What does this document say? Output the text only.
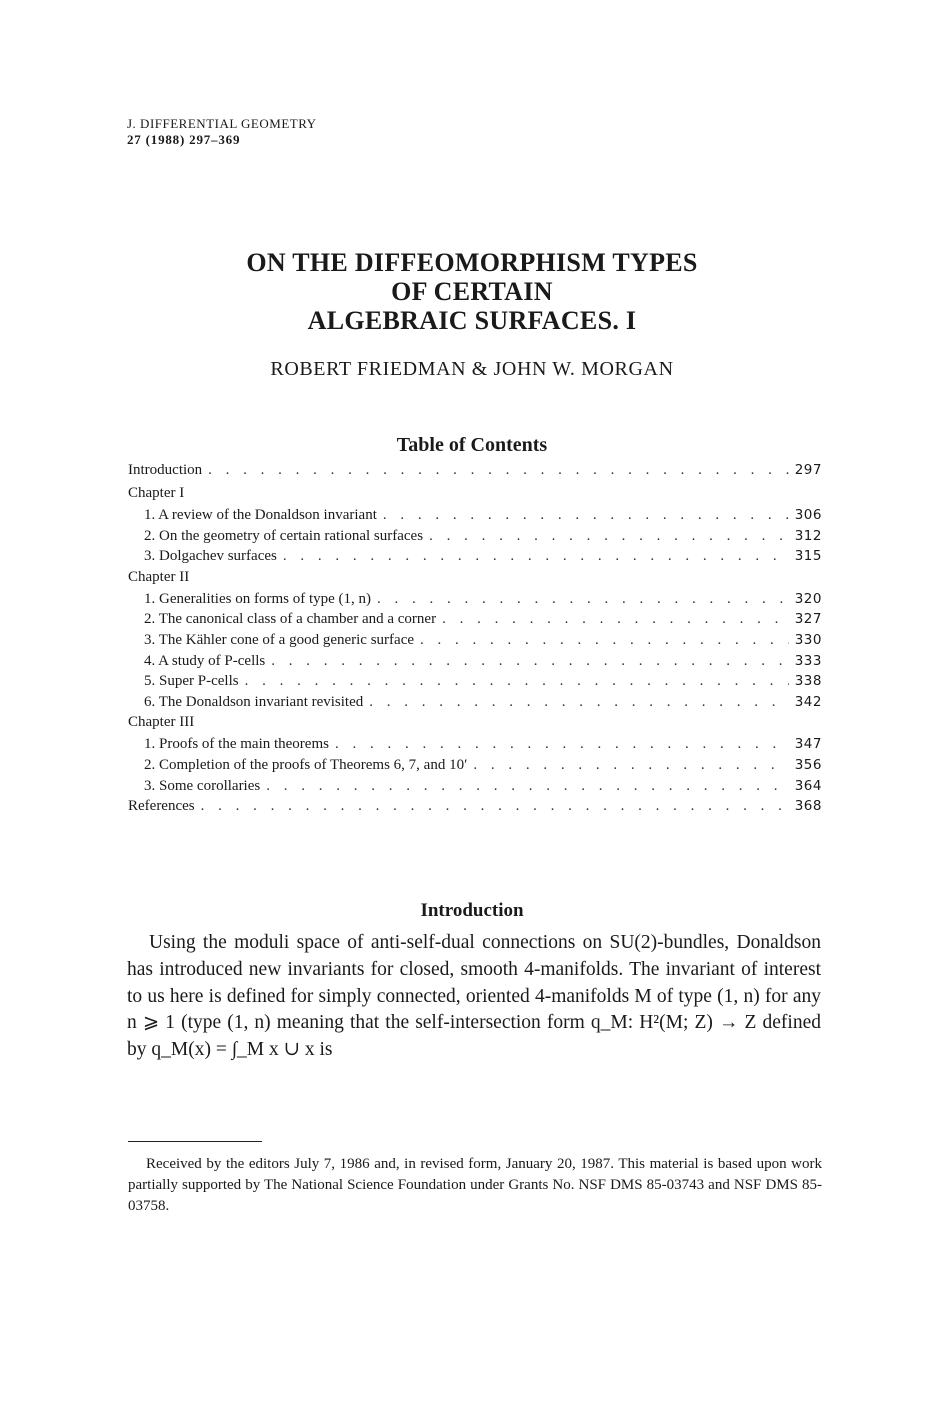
J. DIFFERENTIAL GEOMETRY
27 (1988) 297–369
ON THE DIFFEOMORPHISM TYPES
OF CERTAIN
ALGEBRAIC SURFACES. I
ROBERT FRIEDMAN & JOHN W. MORGAN
Table of Contents
Introduction . . .	297
Chapter I
1. A review of the Donaldson invariant . . .	306
2. On the geometry of certain rational surfaces . . .	312
3. Dolgachev surfaces . . .	315
Chapter II
1. Generalities on forms of type (1, n) . . .	320
2. The canonical class of a chamber and a corner . . .	327
3. The Kähler cone of a good generic surface . . .	330
4. A study of P-cells . . .	333
5. Super P-cells . . .	338
6. The Donaldson invariant revisited . . .	342
Chapter III
1. Proofs of the main theorems . . .	347
2. Completion of the proofs of Theorems 6, 7, and 10′ . . .	356
3. Some corollaries . . .	364
References . . .	368
Introduction
Using the moduli space of anti-self-dual connections on SU(2)-bundles, Donaldson has introduced new invariants for closed, smooth 4-manifolds. The invariant of interest to us here is defined for simply connected, oriented 4-manifolds M of type (1, n) for any n ⩾ 1 (type (1, n) meaning that the self-intersection form q_M: H²(M; Z) → Z defined by q_M(x) = ∫_M x ∪ x is
Received by the editors July 7, 1986 and, in revised form, January 20, 1987. This material is based upon work partially supported by The National Science Foundation under Grants No. NSF DMS 85-03743 and NSF DMS 85-03758.
